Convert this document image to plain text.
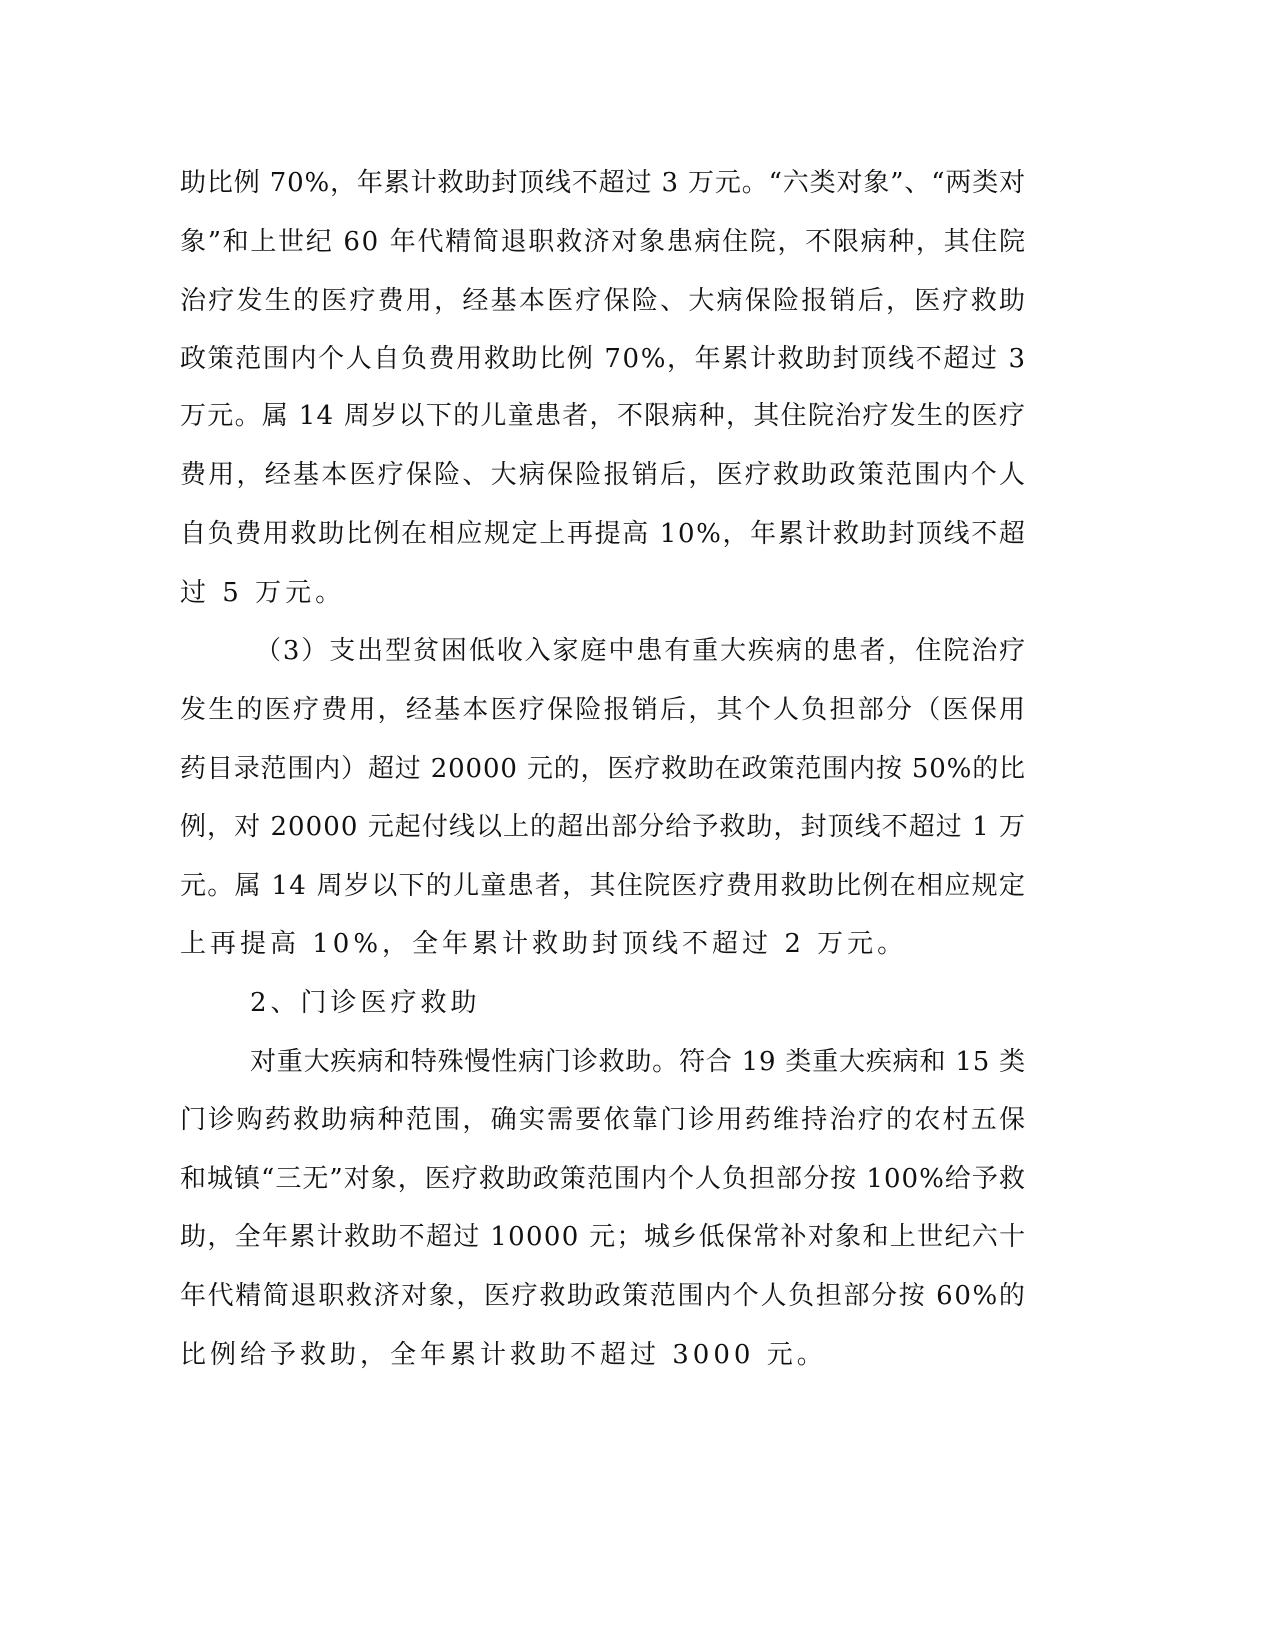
助比例 70%，年累计救助封顶线不超过 3 万元。“六类对象”、“两类对
象”和上世纪 60 年代精简退职救济对象患病住院，不限病种，其住院
治疗发生的医疗费用，经基本医疗保险、大病保险报销后，医疗救助
政策范围内个人自负费用救助比例 70%，年累计救助封顶线不超过 3
万元。属 14 周岁以下的儿童患者，不限病种，其住院治疗发生的医疗
费用，经基本医疗保险、大病保险报销后，医疗救助政策范围内个人
自负费用救助比例在相应规定上再提高 10%，年累计救助封顶线不超
过 5 万元。
（3）支出型贫困低收入家庭中患有重大疾病的患者，住院治疗
发生的医疗费用，经基本医疗保险报销后，其个人负担部分（医保用
药目录范围内）超过 20000 元的，医疗救助在政策范围内按 50%的比
例，对 20000 元起付线以上的超出部分给予救助，封顶线不超过 1 万
元。属 14 周岁以下的儿童患者，其住院医疗费用救助比例在相应规定
上再提高 10%，全年累计救助封顶线不超过 2 万元。
2、门诊医疗救助
对重大疾病和特殊慢性病门诊救助。符合 19 类重大疾病和 15 类
门诊购药救助病种范围，确实需要依靠门诊用药维持治疗的农村五保
和城镇“三无”对象，医疗救助政策范围内个人负担部分按 100%给予救
助，全年累计救助不超过 10000 元；城乡低保常补对象和上世纪六十
年代精简退职救济对象，医疗救助政策范围内个人负担部分按 60%的
比例给予救助，全年累计救助不超过 3000 元。
